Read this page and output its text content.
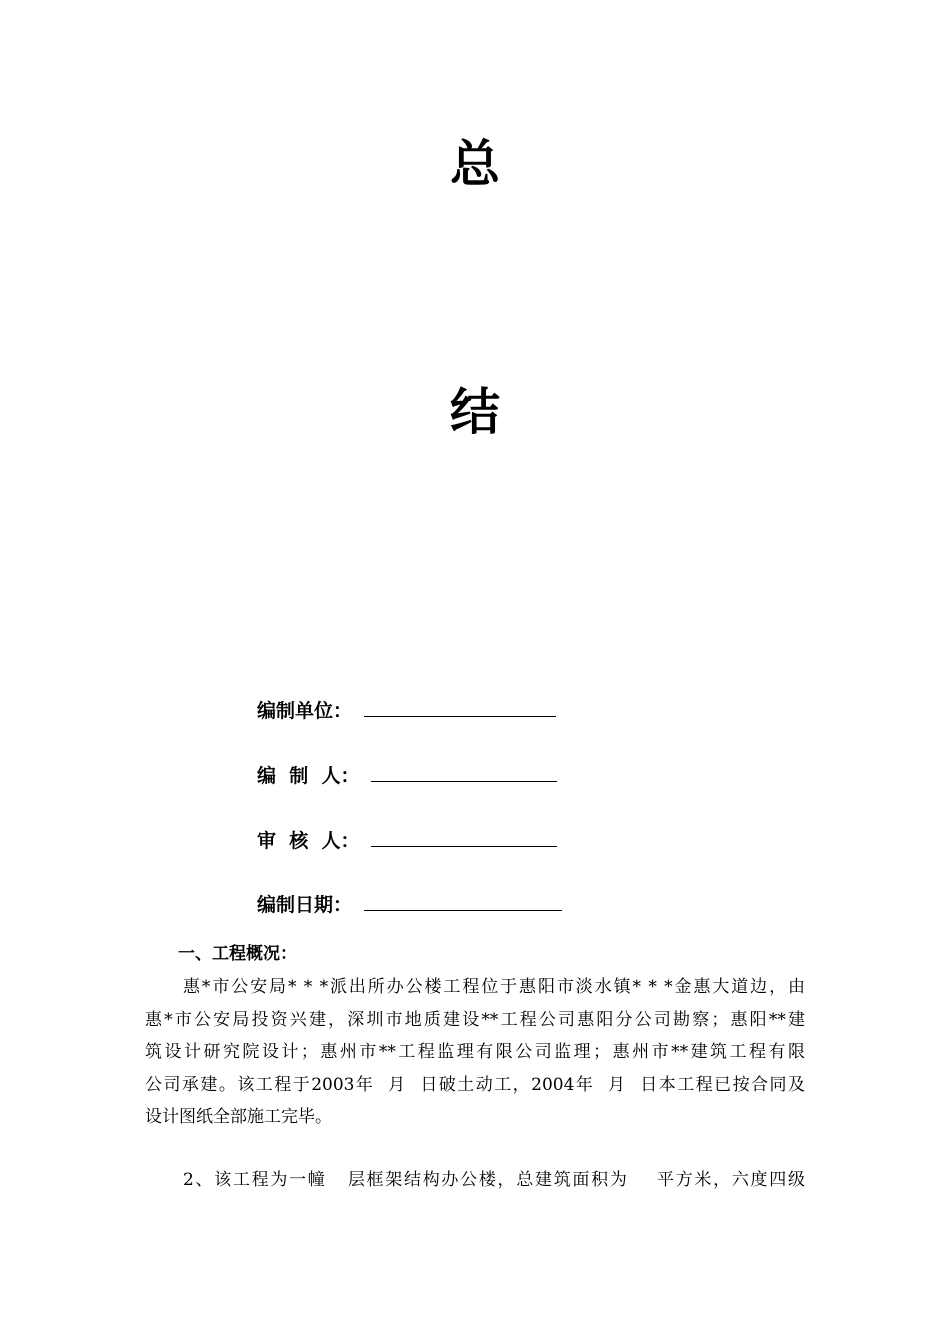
总
结
编制单位：
编  制  人：
审  核  人：
编制日期：
一、工程概况：
惠*市公安局* * *派出所办公楼工程位于惠阳市淡水镇* * *金惠大道边，由
惠*市公安局投资兴建，深圳市地质建设**工程公司惠阳分公司勘察；惠阳**建
筑设计研究院设计；惠州市**工程监理有限公司监理；惠州市**建筑工程有限
公司承建。该工程于2003年  月  日破土动工，2004年  月  日本工程已按合同及
设计图纸全部施工完毕。
2、该工程为一幢   层框架结构办公楼，总建筑面积为    平方米，六度四级
